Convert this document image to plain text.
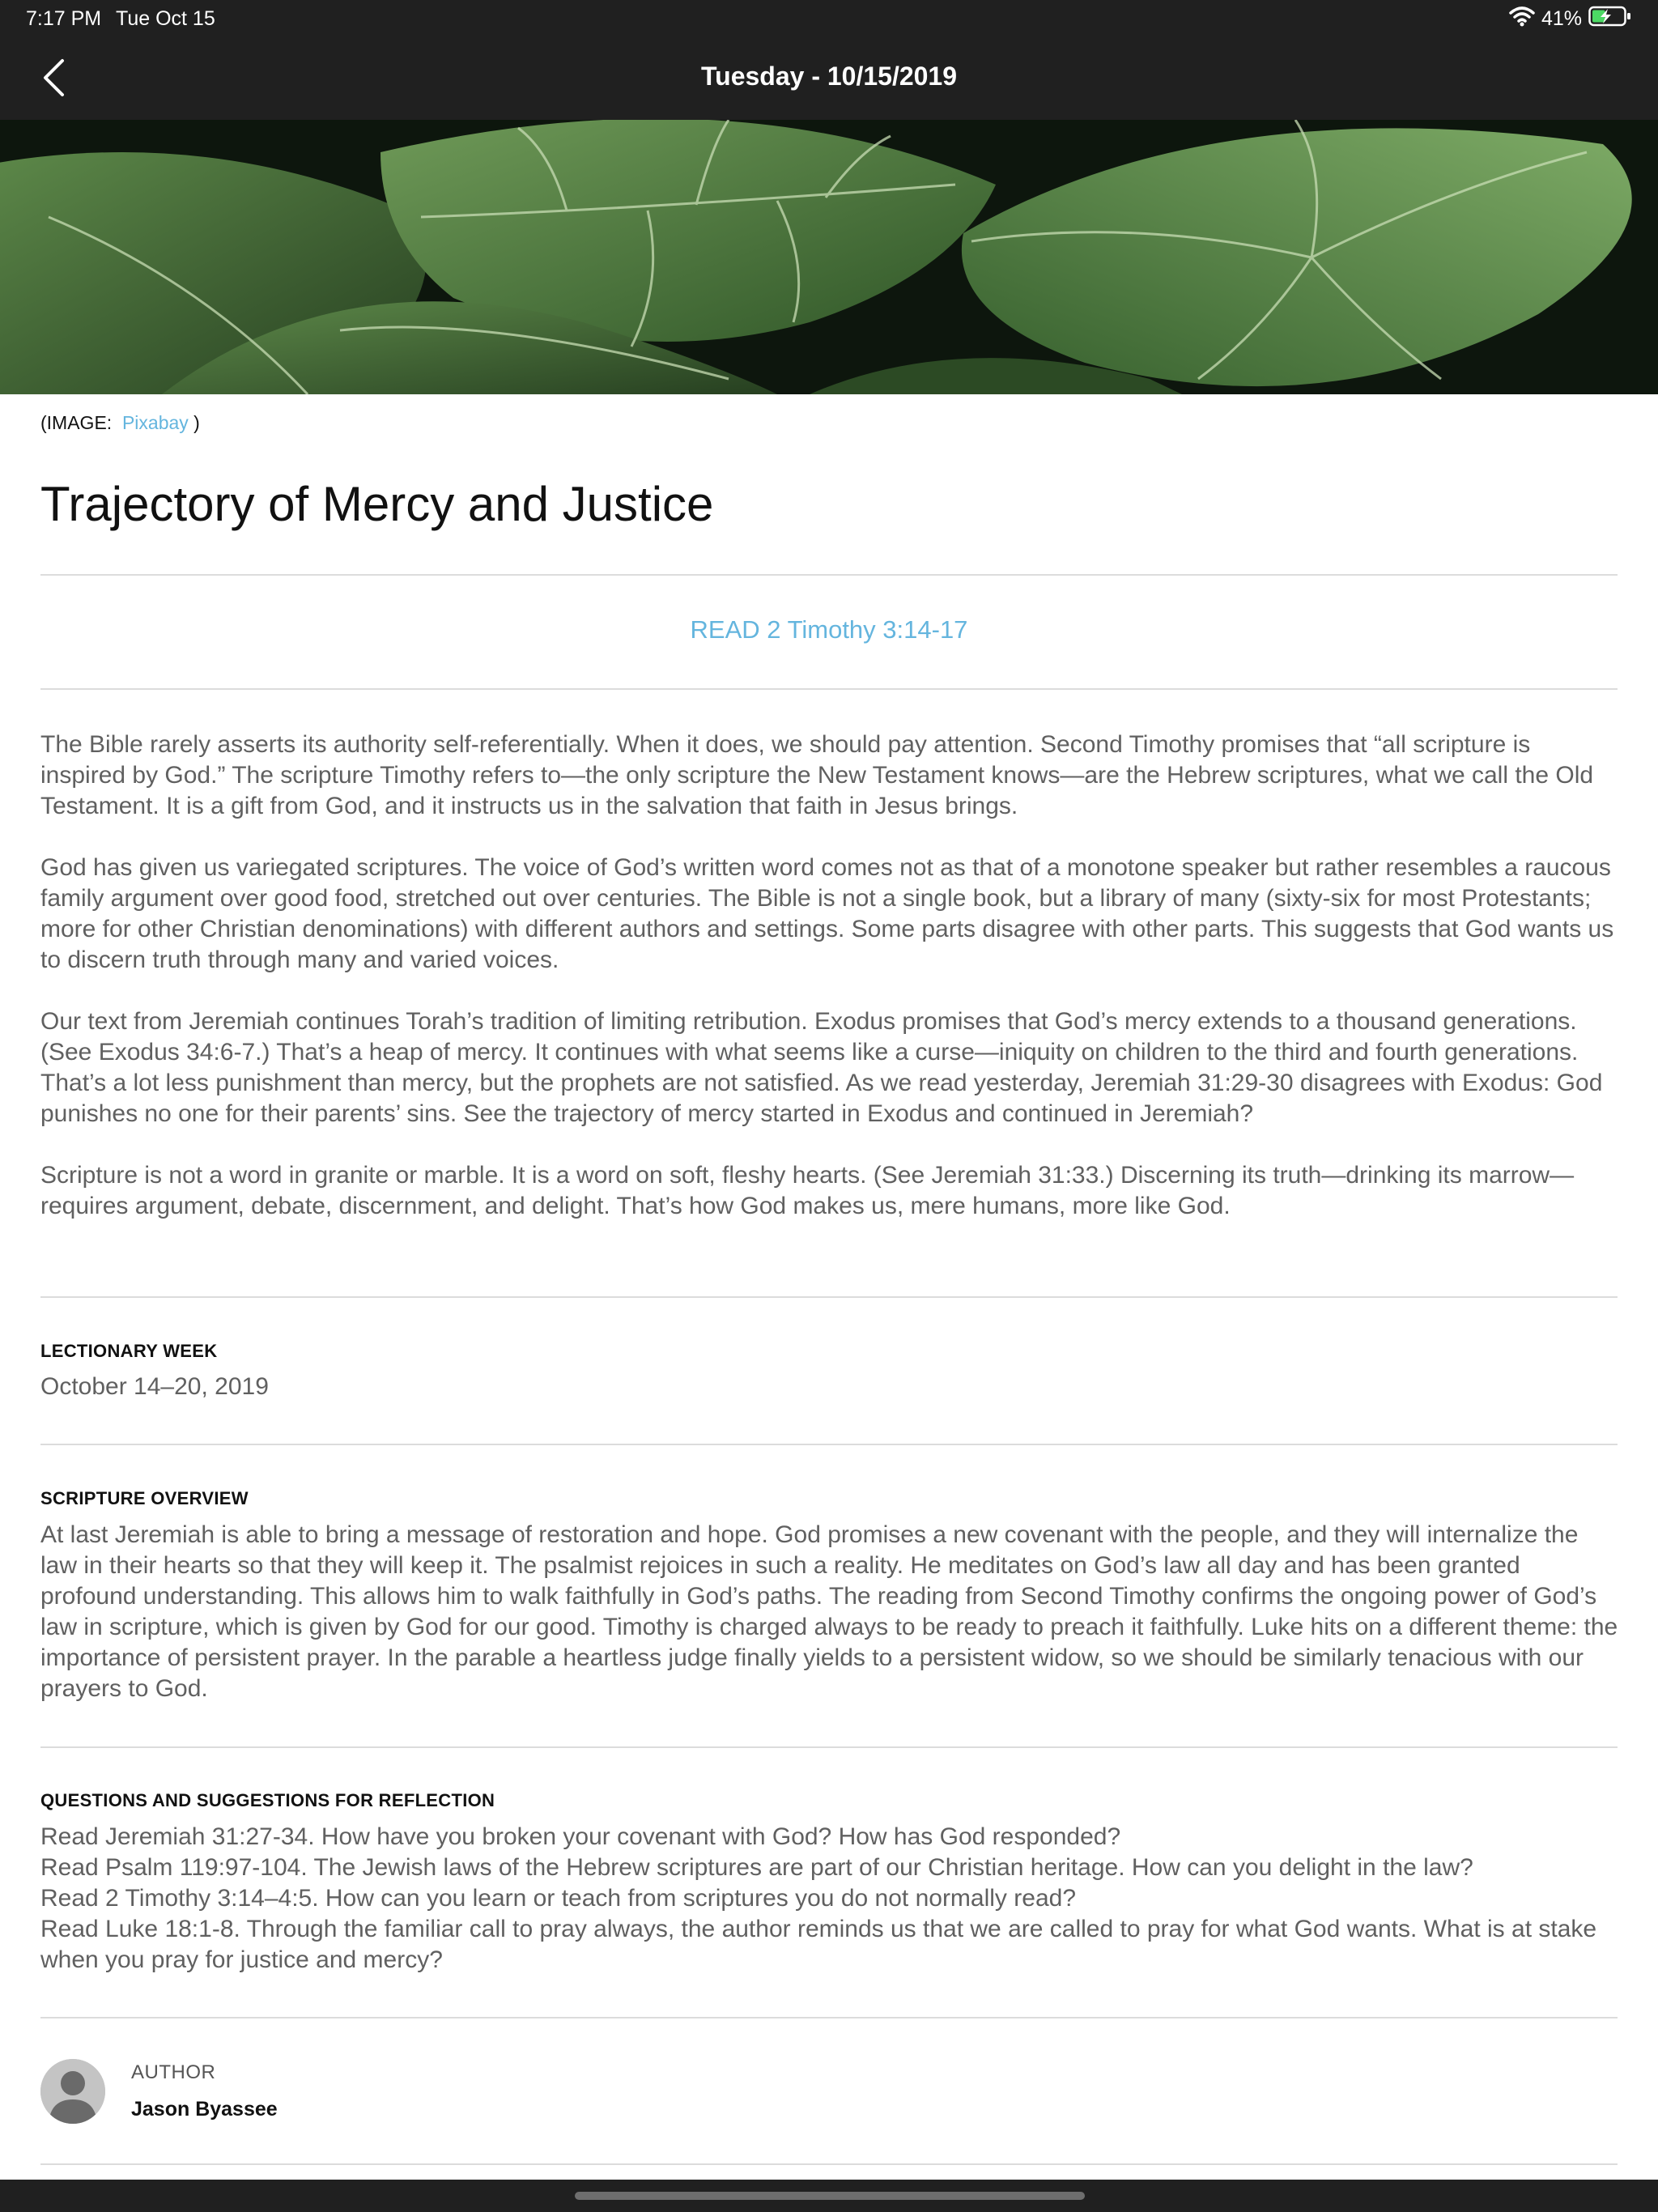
7:17 PM Tue Oct 15	41%
Tuesday - 10/15/2019
(IMAGE: Pixabay )
Trajectory of Mercy and Justice
READ 2 Timothy 3:14-17

The Bible rarely asserts its authority self-referentially. When it does, we should pay attention. Second Timothy promises that “all scripture is inspired by God.” The scripture Timothy refers to—the only scripture the New Testament knows—are the Hebrew scriptures, what we call the Old Testament. It is a gift from God, and it instructs us in the salvation that faith in Jesus brings.

God has given us variegated scriptures. The voice of God’s written word comes not as that of a monotone speaker but rather resembles a raucous family argument over good food, stretched out over centuries. The Bible is not a single book, but a library of many (sixty-six for most Protestants; more for other Christian denominations) with different authors and settings. Some parts disagree with other parts. This suggests that God wants us to discern truth through many and varied voices.

Our text from Jeremiah continues Torah’s tradition of limiting retribution. Exodus promises that God’s mercy extends to a thousand generations. (See Exodus 34:6-7.) That’s a heap of mercy. It continues with what seems like a curse—iniquity on children to the third and fourth generations. That’s a lot less punishment than mercy, but the prophets are not satisfied. As we read yesterday, Jeremiah 31:29-30 disagrees with Exodus: God punishes no one for their parents’ sins. See the trajectory of mercy started in Exodus and continued in Jeremiah?

Scripture is not a word in granite or marble. It is a word on soft, fleshy hearts. (See Jeremiah 31:33.) Discerning its truth—drinking its marrow—requires argument, debate, discernment, and delight. That’s how God makes us, mere humans, more like God.

LECTIONARY WEEK
October 14–20, 2019
SCRIPTURE OVERVIEW
At last Jeremiah is able to bring a message of restoration and hope. God promises a new covenant with the people, and they will internalize the law in their hearts so that they will keep it. The psalmist rejoices in such a reality. He meditates on God’s law all day and has been granted profound understanding. This allows him to walk faithfully in God’s paths. The reading from Second Timothy confirms the ongoing power of God’s law in scripture, which is given by God for our good. Timothy is charged always to be ready to preach it faithfully. Luke hits on a different theme: the importance of persistent prayer. In the parable a heartless judge finally yields to a persistent widow, so we should be similarly tenacious with our prayers to God.
QUESTIONS AND SUGGESTIONS FOR REFLECTION
Read Jeremiah 31:27-34. How have you broken your covenant with God? How has God responded?
Read Psalm 119:97-104. The Jewish laws of the Hebrew scriptures are part of our Christian heritage. How can you delight in the law?
Read 2 Timothy 3:14–4:5. How can you learn or teach from scriptures you do not normally read?
Read Luke 18:1-8. Through the familiar call to pray always, the author reminds us that we are called to pray for what God wants. What is at stake when you pray for justice and mercy?
AUTHOR
Jason Byassee
